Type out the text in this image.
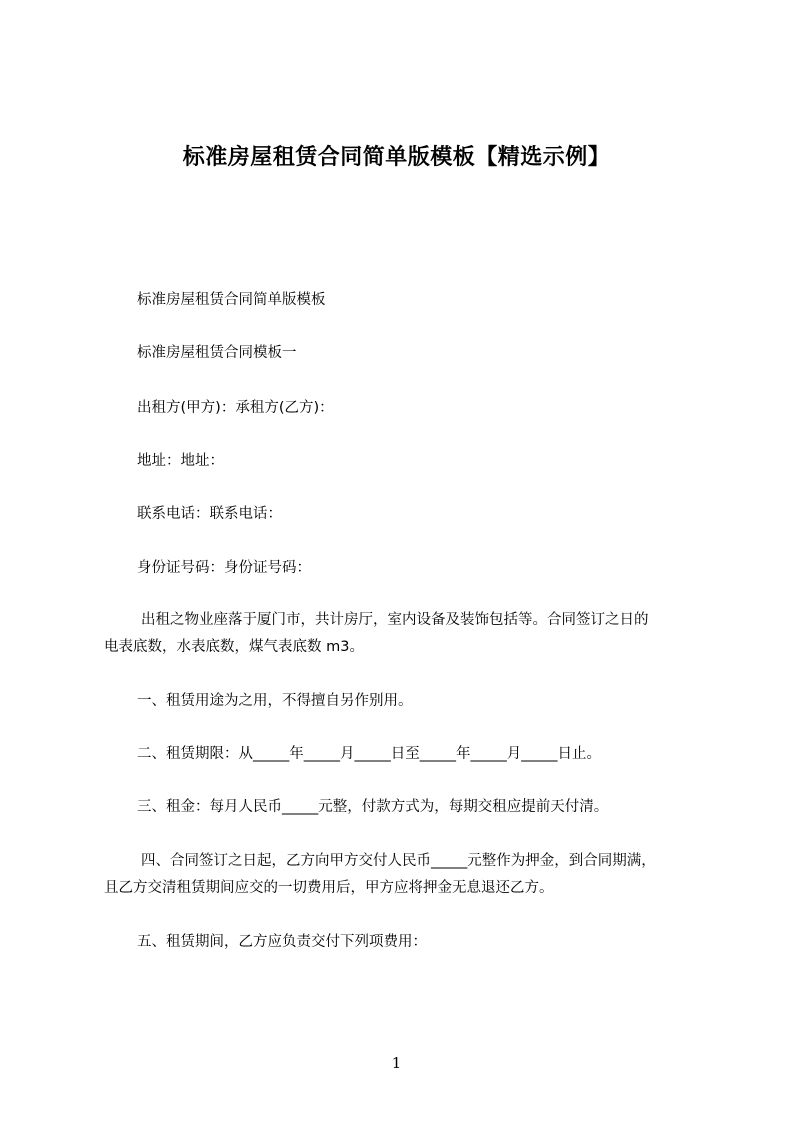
标准房屋租赁合同简单版模板【精选示例】
标准房屋租赁合同简单版模板
标准房屋租赁合同模板一
出租方(甲方)：承租方(乙方)：
地址：地址：
联系电话：联系电话：
身份证号码：身份证号码：
出租之物业座落于厦门市，共计房厅，室内设备及装饰包括等。合同签订之日的
电表底数，水表底数，煤气表底数 m3。
一、租赁用途为之用，不得擅自另作别用。
二、租赁期限：从_____年_____月_____日至_____年_____月_____日止。
三、租金：每月人民币_____元整，付款方式为，每期交租应提前天付清。
四、合同签订之日起，乙方向甲方交付人民币_____元整作为押金，到合同期满，
且乙方交清租赁期间应交的一切费用后，甲方应将押金无息退还乙方。
五、租赁期间，乙方应负责交付下列项费用：
1
